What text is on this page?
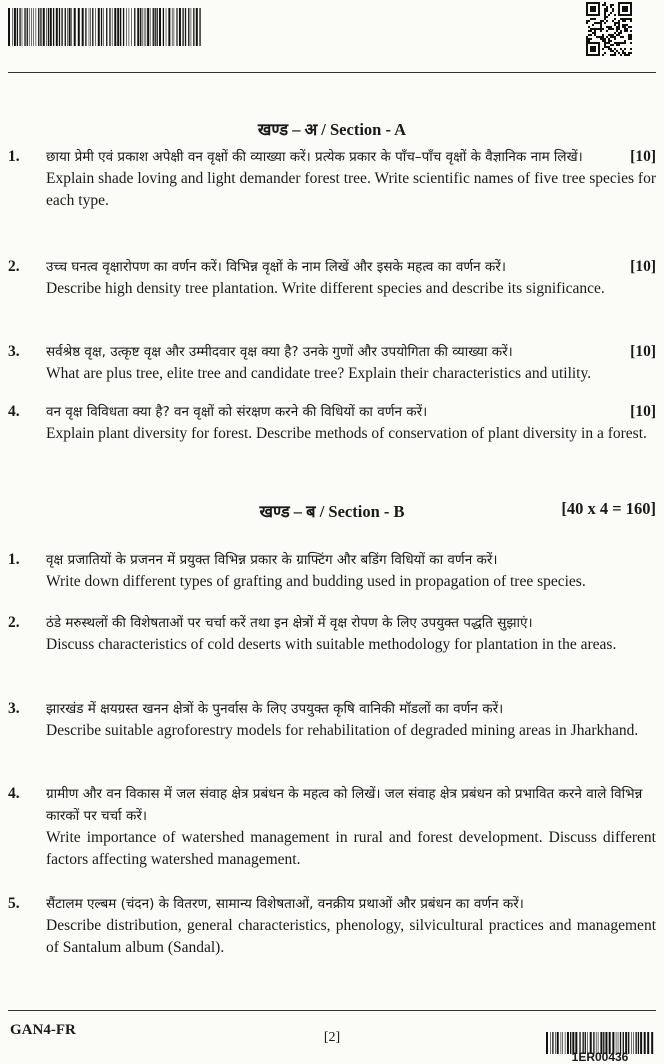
खण्ड – अ / Section - A
1.	छाया प्रेमी एवं प्रकाश अपेक्षी वन वृक्षों की व्याख्या करें। प्रत्येक प्रकार के पाँच–पाँच वृक्षों के वैज्ञानिक नाम लिखें।	[10]
Explain shade loving and light demander forest tree. Write scientific names of five tree species for each type.
2.	उच्च घनत्व वृक्षारोपण का वर्णन करें। विभिन्न वृक्षों के नाम लिखें और इसके महत्व का वर्णन करें।	[10]
Describe high density tree plantation. Write different species and describe its significance.
3.	सर्वश्रेष्ठ वृक्ष, उत्कृष्ट वृक्ष और उम्मीदवार वृक्ष क्या है? उनके गुणों और उपयोगिता की व्याख्या करें।	[10]
What are plus tree, elite tree and candidate tree? Explain their characteristics and utility.
4.	वन वृक्ष विविधता क्या है? वन वृक्षों को संरक्षण करने की विधियों का वर्णन करें।	[10]
Explain plant diversity for forest. Describe methods of conservation of plant diversity in a forest.
खण्ड – ब / Section - B	[40 x 4 = 160]
1.	वृक्ष प्रजातियों के प्रजनन में प्रयुक्त विभिन्न प्रकार के ग्राफ्टिंग और बडिंग विधियों का वर्णन करें।
Write down different types of grafting and budding used in propagation of tree species.
2.	ठंडे मरुस्थलों की विशेषताओं पर चर्चा करें तथा इन क्षेत्रों में वृक्ष रोपण के लिए उपयुक्त पद्धति सुझाएं।
Discuss characteristics of cold deserts with suitable methodology for plantation in the areas.
3.	झारखंड में क्षयग्रस्त खनन क्षेत्रों के पुनर्वास के लिए उपयुक्त कृषि वानिकी मॉडलों का वर्णन करें।
Describe suitable agroforestry models for rehabilitation of degraded mining areas in Jharkhand.
4.	ग्रामीण और वन विकास में जल संवाह क्षेत्र प्रबंधन के महत्व को लिखें। जल संवाह क्षेत्र प्रबंधन को प्रभावित करने वाले विभिन्न कारकों पर चर्चा करें।
Write importance of watershed management in rural and forest development. Discuss different factors affecting watershed management.
5.	सैंटालम एल्बम (चंदन) के वितरण, सामान्य विशेषताओं, वनक्रीय प्रथाओं और प्रबंधन का वर्णन करें।
Describe distribution, general characteristics, phenology, silvicultural practices and management of Santalum album (Sandal).
GAN4-FR	[2]
1ER00436
